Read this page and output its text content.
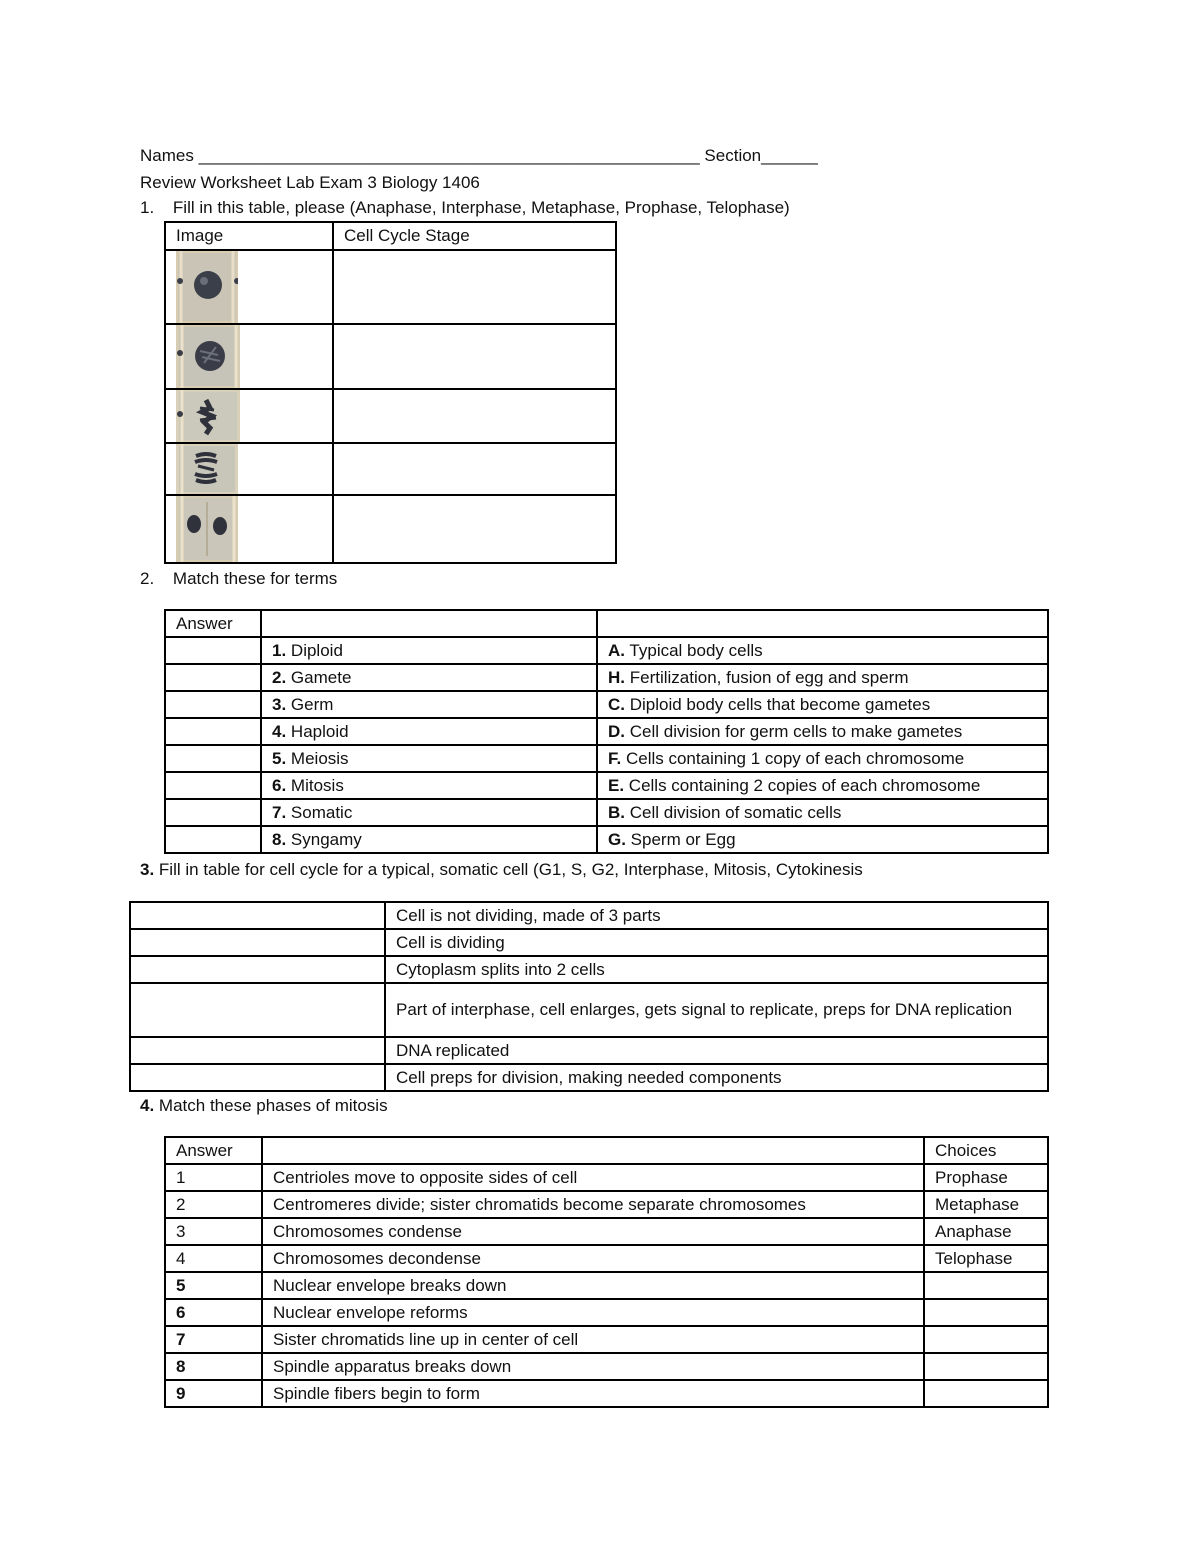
Names _____________________________________________________ Section______
Review Worksheet Lab Exam 3 Biology 1406
1. Fill in this table, please (Anaphase, Interphase, Metaphase, Prophase, Telophase)
Image	Cell Cycle Stage

2. Match these for terms
Answer		
	1. Diploid	A. Typical body cells
	2. Gamete	H. Fertilization, fusion of egg and sperm
	3. Germ	C. Diploid body cells that become gametes
	4. Haploid	D. Cell division for germ cells to make gametes
	5. Meiosis	F. Cells containing 1 copy of each chromosome
	6. Mitosis	E. Cells containing 2 copies of each chromosome
	7. Somatic	B. Cell division of somatic cells
	8. Syngamy	G. Sperm or Egg
3. Fill in table for cell cycle for a typical, somatic cell (G1, S, G2, Interphase, Mitosis, Cytokinesis
	Cell is not dividing, made of 3 parts
	Cell is dividing
	Cytoplasm splits into 2 cells
	Part of interphase, cell enlarges, gets signal to replicate, preps for DNA replication
	DNA replicated
	Cell preps for division, making needed components
4. Match these phases of mitosis
Answer		Choices
1	Centrioles move to opposite sides of cell	Prophase
2	Centromeres divide; sister chromatids become separate chromosomes	Metaphase
3	Chromosomes condense	Anaphase
4	Chromosomes decondense	Telophase
5	Nuclear envelope breaks down	
6	Nuclear envelope reforms	
7	Sister chromatids line up in center of cell	
8	Spindle apparatus breaks down	
9	Spindle fibers begin to form	
